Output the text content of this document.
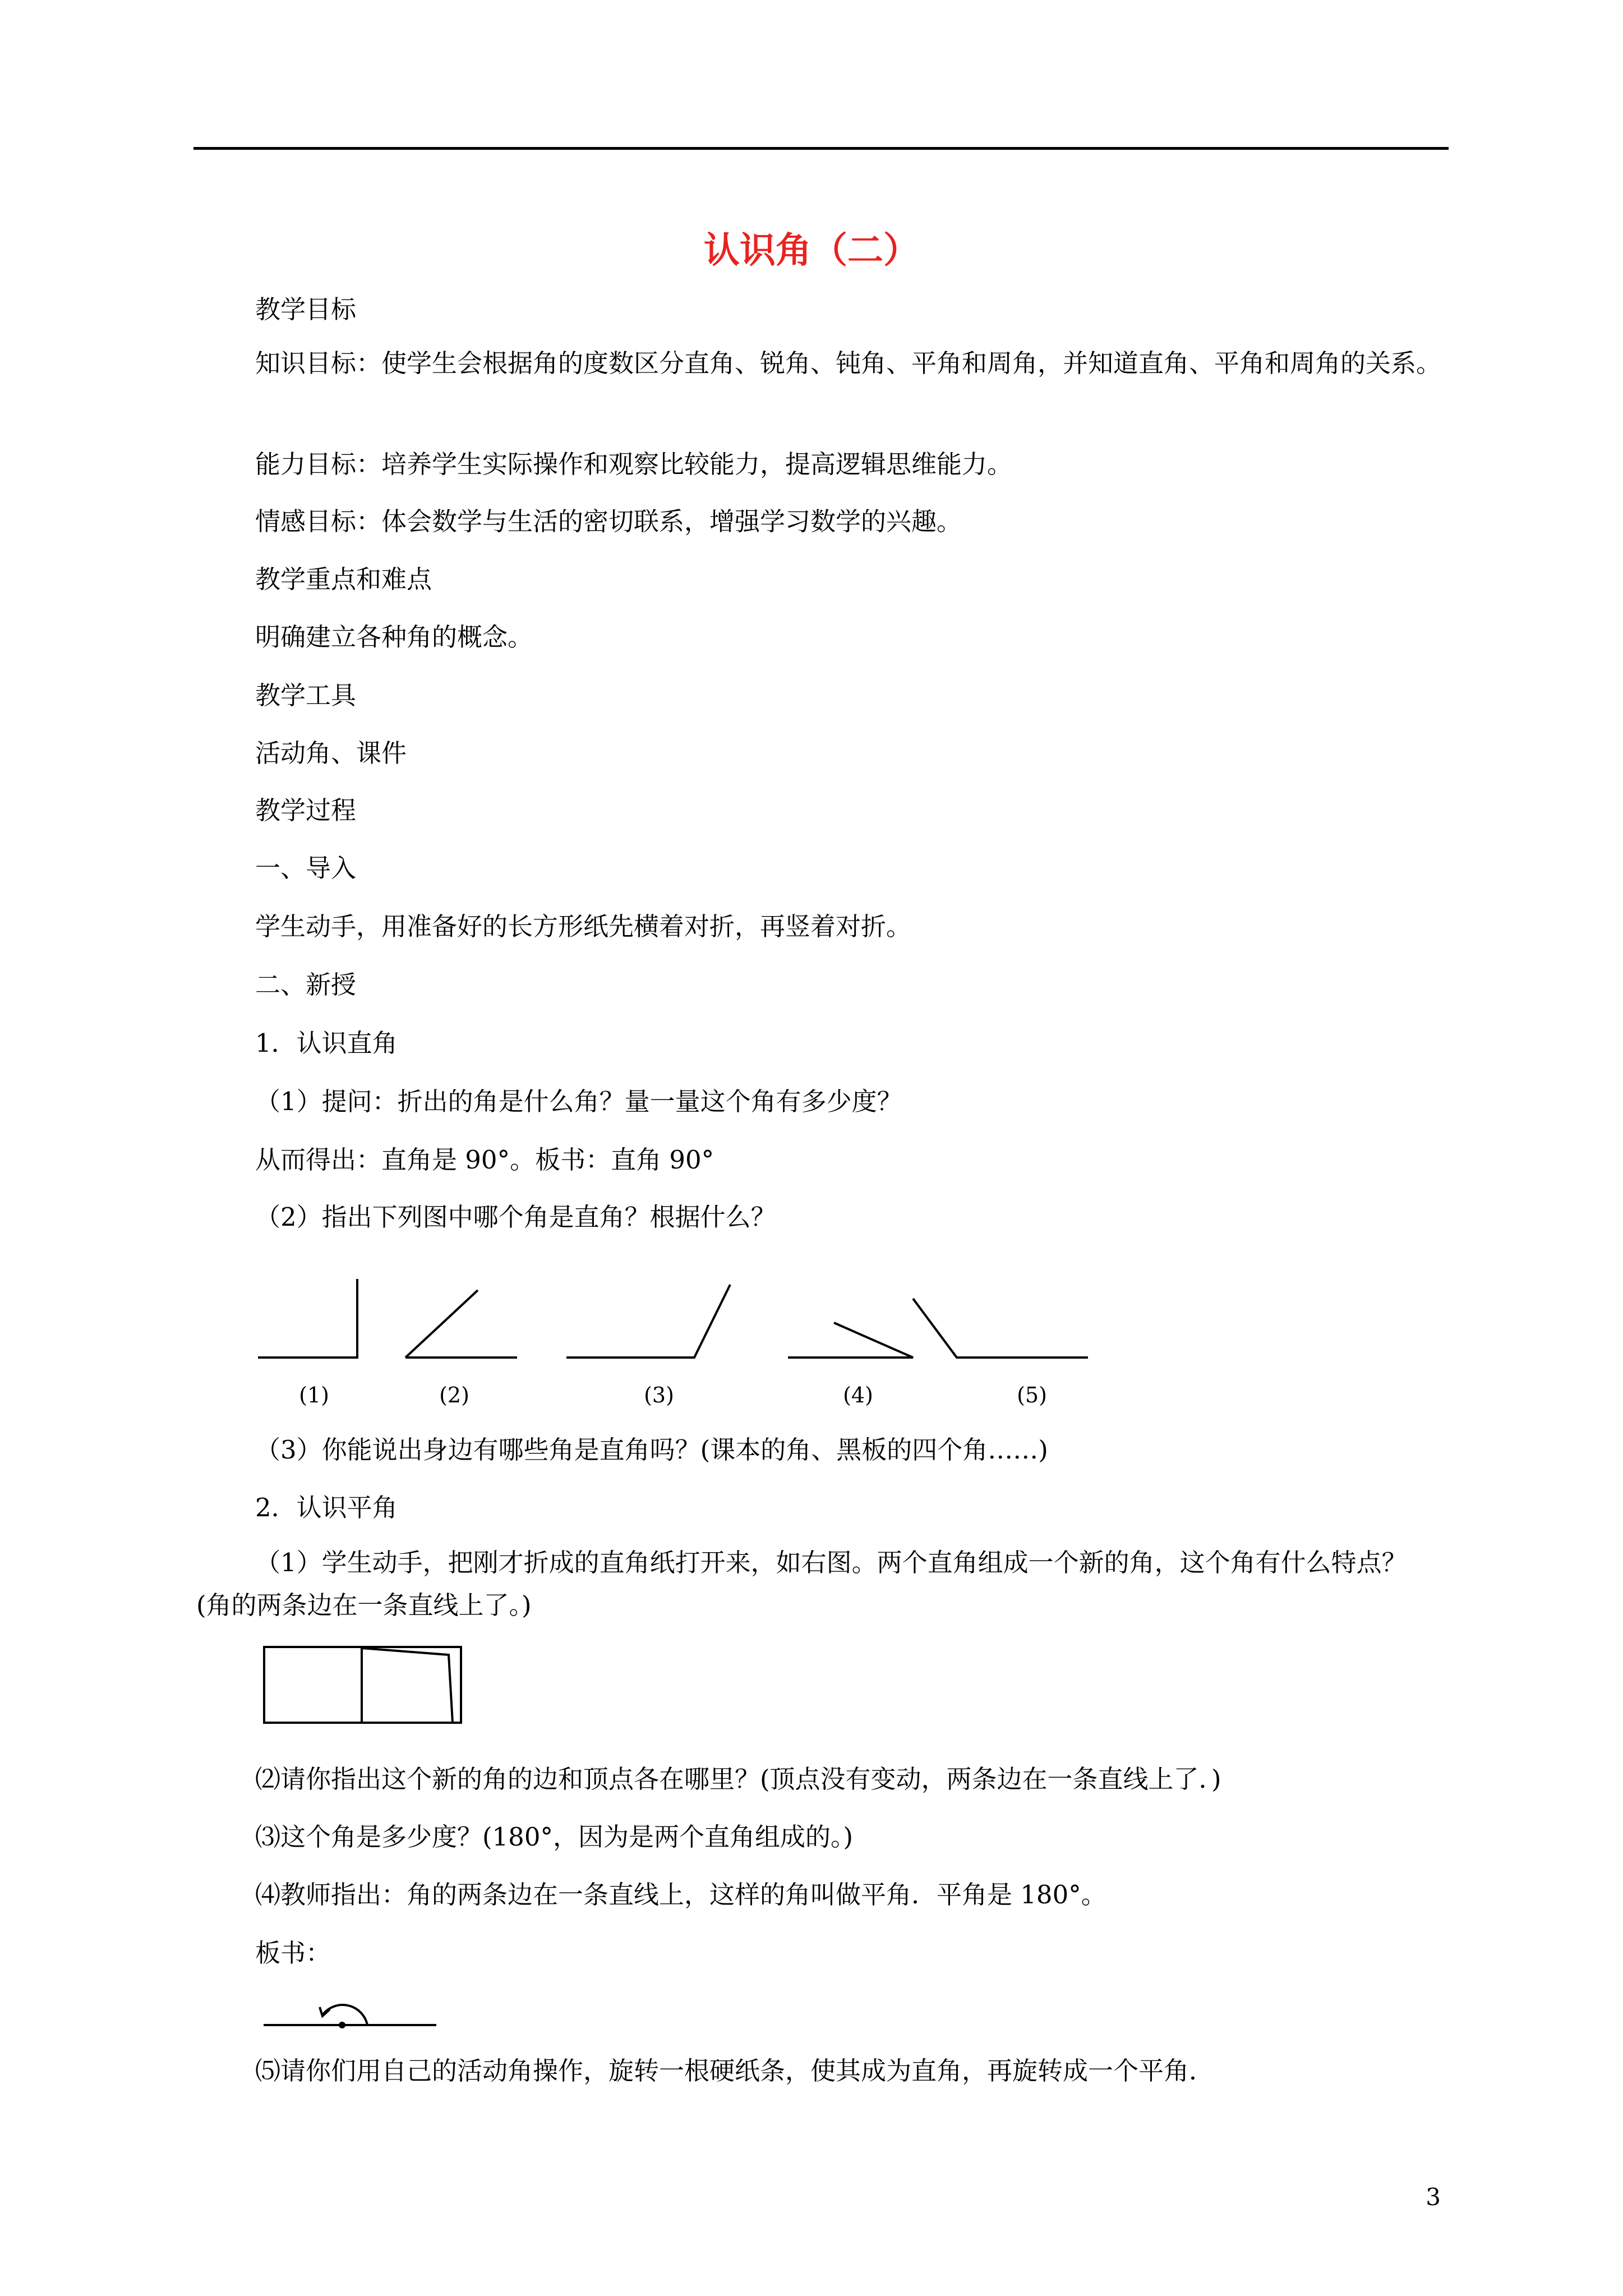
认识角（二）
教学目标
知识目标：使学生会根据角的度数区分直角、锐角、钝角、平角和周角，并知道直角、平角和周角的关系。
能力目标：培养学生实际操作和观察比较能力，提高逻辑思维能力。
情感目标：体会数学与生活的密切联系，增强学习数学的兴趣。
教学重点和难点
明确建立各种角的概念。
教学工具
活动角、课件
教学过程
一、导入
学生动手，用准备好的长方形纸先横着对折，再竖着对折。
二、新授
1．认识直角
（1）提问：折出的角是什么角？量一量这个角有多少度？
从而得出：直角是 90°。板书：直角 90°
（2）指出下列图中哪个角是直角？根据什么？
(1)	(2)	(3)	(4)	(5)
（3）你能说出身边有哪些角是直角吗？(课本的角、黑板的四个角……)
2．认识平角
（1）学生动手，把刚才折成的直角纸打开来，如右图。两个直角组成一个新的角，这个角有什么特点？(角的两条边在一条直线上了。)
⑵请你指出这个新的角的边和顶点各在哪里？(顶点没有变动，两条边在一条直线上了．)
⑶这个角是多少度？(180°，因为是两个直角组成的。)
⑷教师指出：角的两条边在一条直线上，这样的角叫做平角．平角是 180°。
板书：
⑸请你们用自己的活动角操作，旋转一根硬纸条，使其成为直角，再旋转成一个平角．
3
